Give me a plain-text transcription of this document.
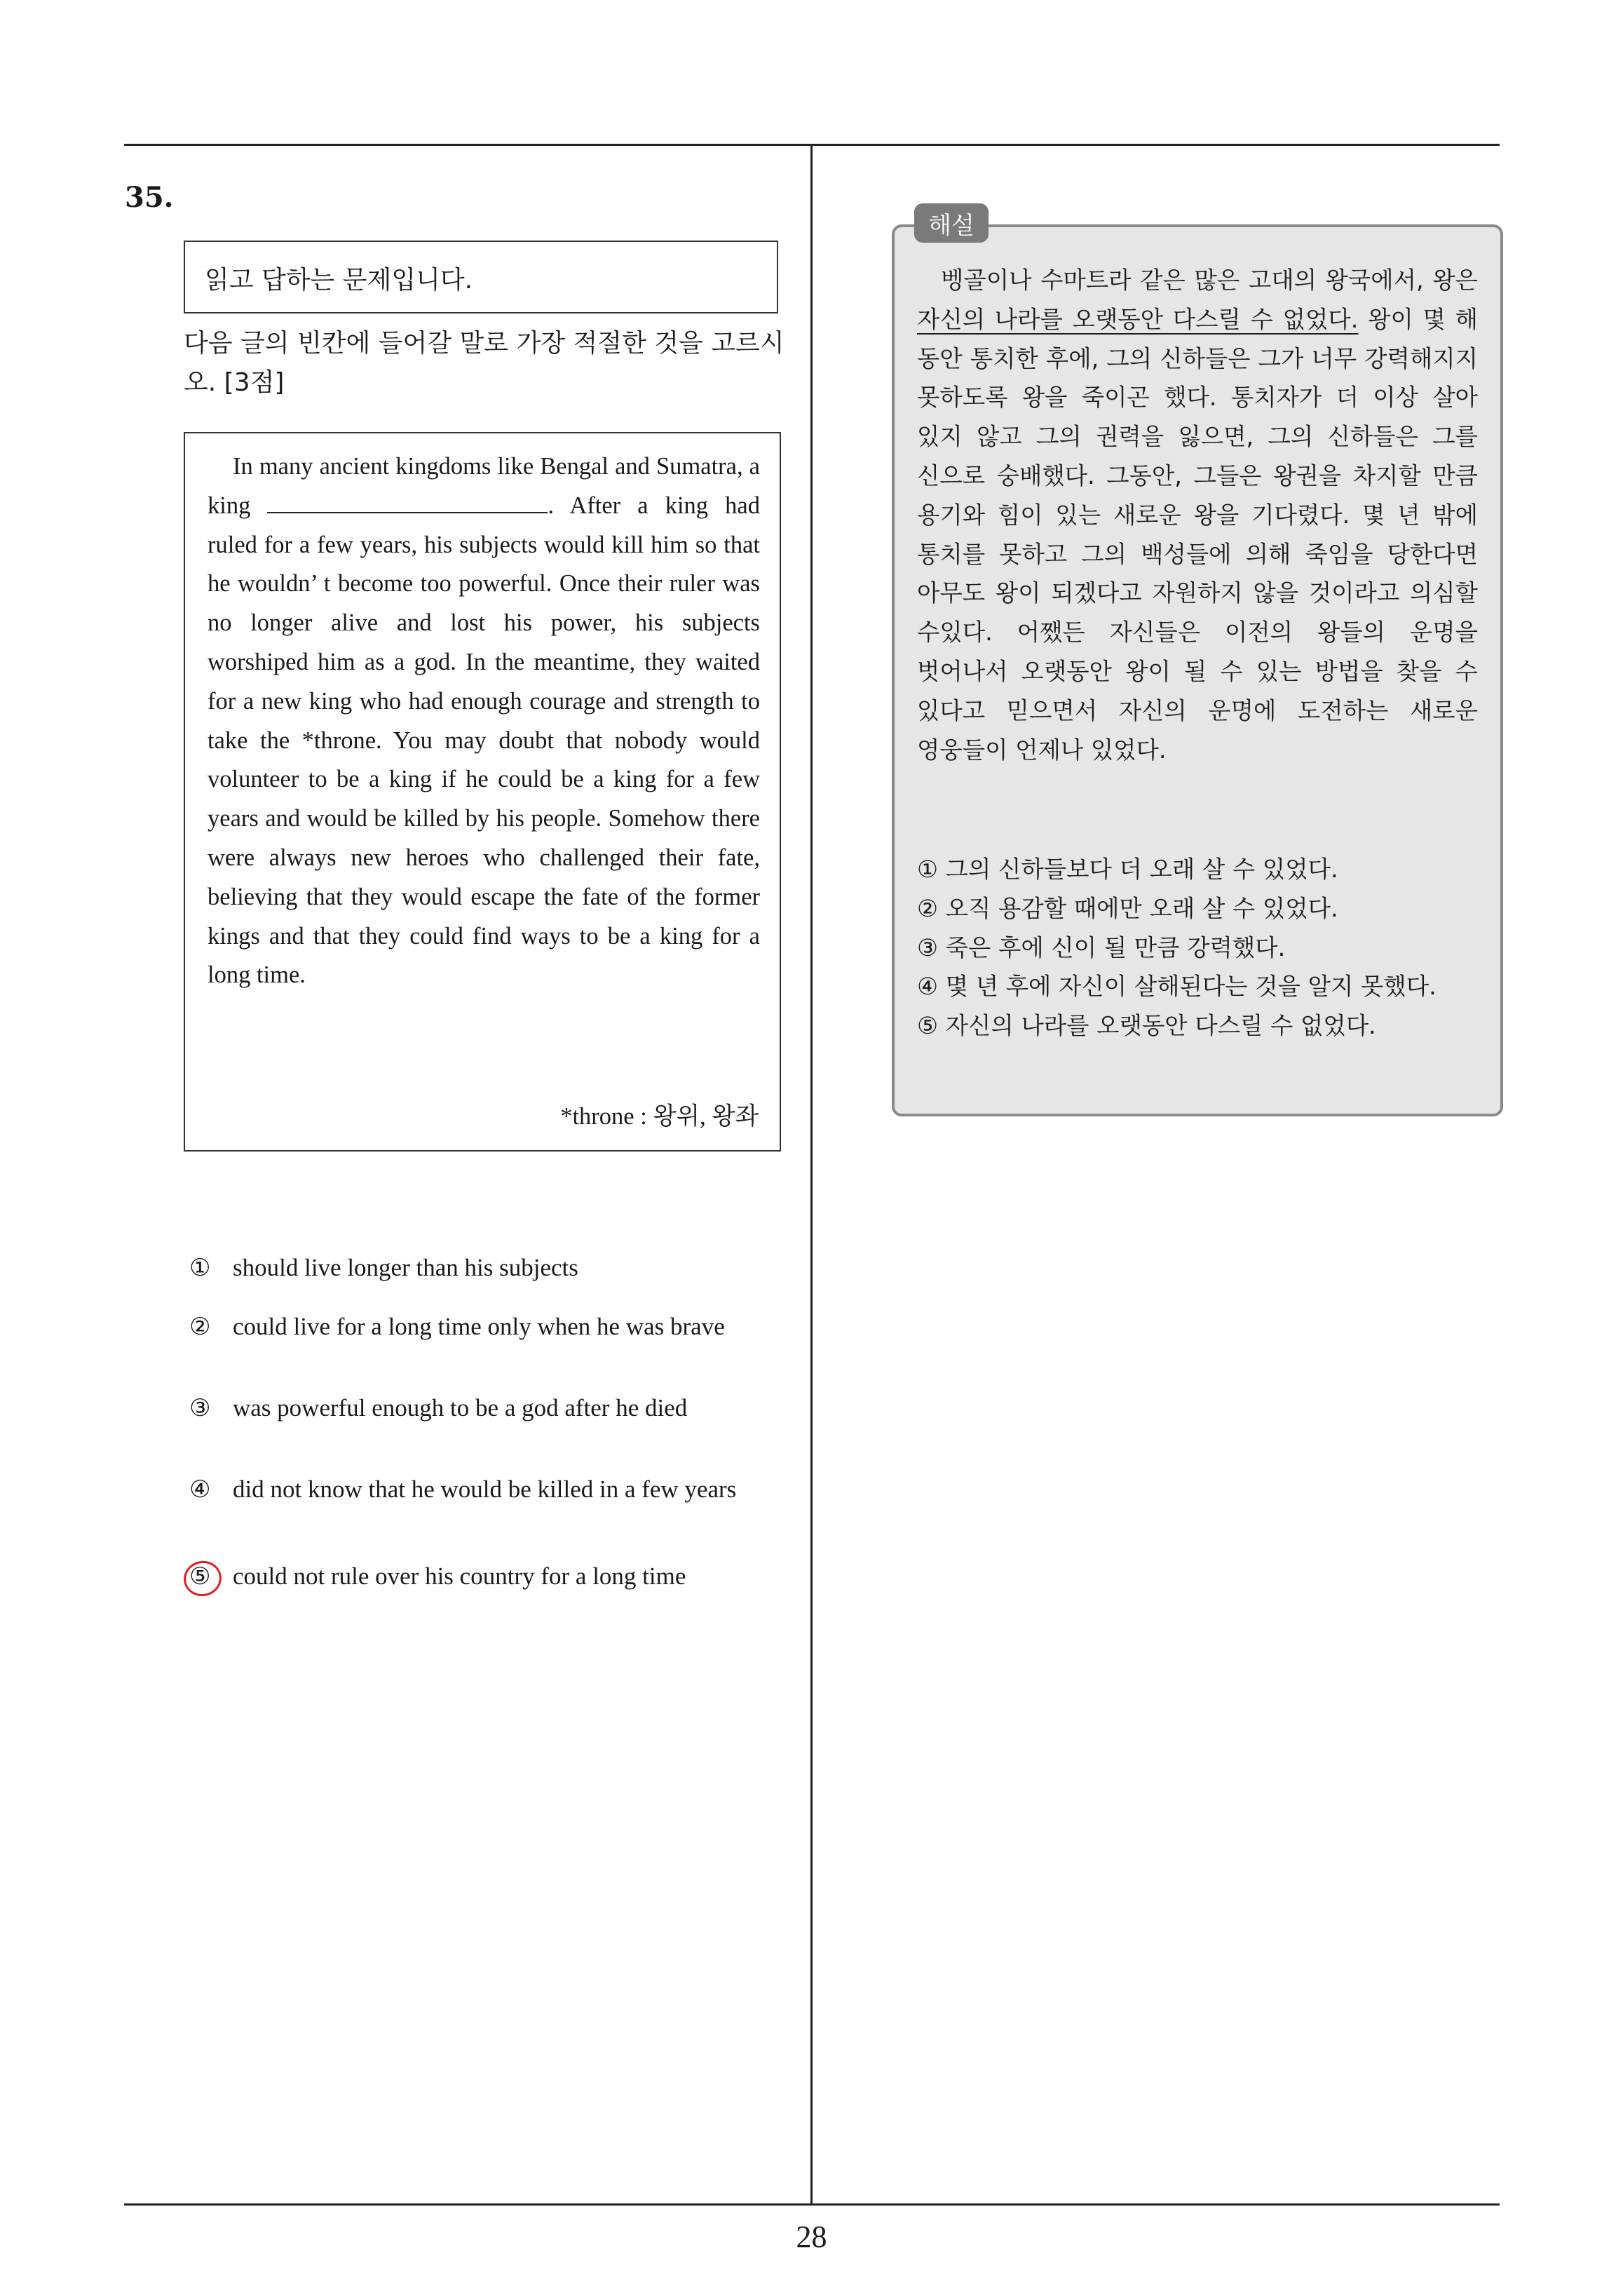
35.
읽고 답하는 문제입니다.
다음 글의 빈칸에 들어갈 말로 가장 적절한 것을 고르시오. [3점]
In many ancient kingdoms like Bengal and Sumatra, a king	. After a king had ruled for a few years, his subjects would kill him so that he wouldn’ t become too powerful. Once their ruler was no longer alive and lost his power, his subjects worshiped him as a god. In the meantime, they waited for a new king who had enough courage and strength to take the *throne. You may doubt that nobody would volunteer to be a king if he could be a king for a few years and would be killed by his people. Somehow there were always new heroes who challenged their fate, believing that they would escape the fate of the former kings and that they could find ways to be a king for a long time.
*throne : 왕위, 왕좌
① should live longer than his subjects
② could live for a long time only when he was brave
③ was powerful enough to be a god after he died
④ did not know that he would be killed in a few years
⑤ could not rule over his country for a long time
벵골이나 수마트라 같은 많은 고대의 왕국에서, 왕은 자신의 나라를 오랫동안 다스릴 수 없었다. 왕이 몇 해 동안 통치한 후에, 그의 신하들은 그가 너무 강력해지지 못하도록 왕을 죽이곤 했다. 통치자가 더 이상 살아 있지 않고 그의 권력을 잃으면, 그의 신하들은 그를 신으로 숭배했다. 그동안, 그들은 왕권을 차지할 만큼 용기와 힘이 있는 새로운 왕을 기다렸다. 몇 년 밖에 통치를 못하고 그의 백성들에 의해 죽임을 당한다면 아무도 왕이 되겠다고 자원하지 않을 것이라고 의심할 수있다. 어쨌든 자신들은 이전의 왕들의 운명을 벗어나서 오랫동안 왕이 될 수 있는 방법을 찾을 수 있다고 믿으면서 자신의 운명에 도전하는 새로운 영웅들이 언제나 있었다.
① 그의 신하들보다 더 오래 살 수 있었다.
② 오직 용감할 때에만 오래 살 수 있었다.
③ 죽은 후에 신이 될 만큼 강력했다.
④ 몇 년 후에 자신이 살해된다는 것을 알지 못했다.
⑤ 자신의 나라를 오랫동안 다스릴 수 없었다.
해설
28
